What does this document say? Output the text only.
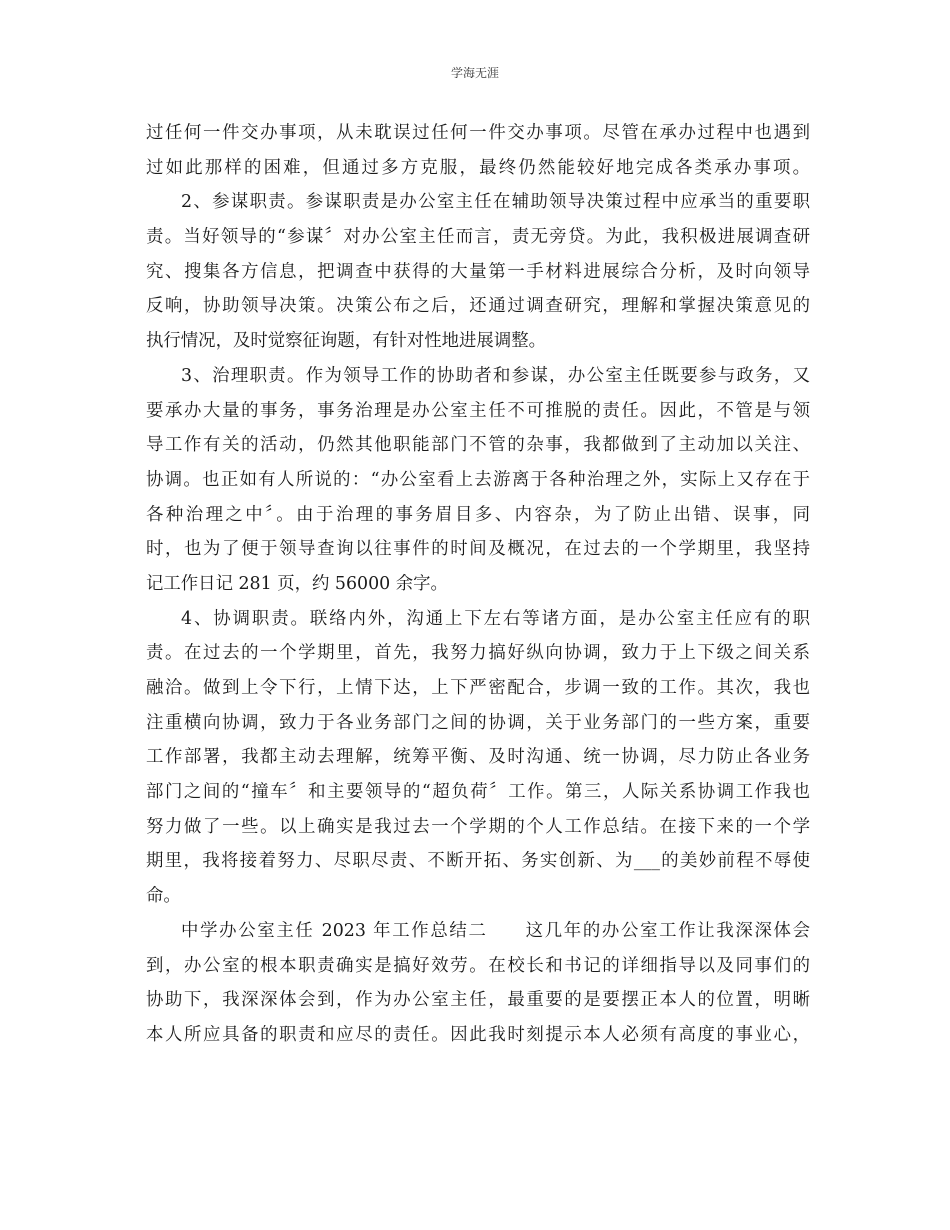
学海无涯
过任何一件交办事项，从未耽误过任何一件交办事项。尽管在承办过程中也遇到
过如此那样的困难，但通过多方克服，最终仍然能较好地完成各类承办事项。
2、参谋职责。参谋职责是办公室主任在辅助领导决策过程中应承当的重要职
责。当好领导的“参谋〞对办公室主任而言，责无旁贷。为此，我积极进展调查研
究、搜集各方信息，把调查中获得的大量第一手材料进展综合分析，及时向领导
反响，协助领导决策。决策公布之后，还通过调查研究，理解和掌握决策意见的
执行情况，及时觉察征询题，有针对性地进展调整。
3、治理职责。作为领导工作的协助者和参谋，办公室主任既要参与政务，又
要承办大量的事务，事务治理是办公室主任不可推脱的责任。因此，不管是与领
导工作有关的活动，仍然其他职能部门不管的杂事，我都做到了主动加以关注、
协调。也正如有人所说的：“办公室看上去游离于各种治理之外，实际上又存在于
各种治理之中〞。由于治理的事务眉目多、内容杂，为了防止出错、误事，同
时，也为了便于领导查询以往事件的时间及概况，在过去的一个学期里，我坚持
记工作日记 281 页，约 56000 余字。
4、协调职责。联络内外，沟通上下左右等诸方面，是办公室主任应有的职
责。在过去的一个学期里，首先，我努力搞好纵向协调，致力于上下级之间关系
融洽。做到上令下行，上情下达，上下严密配合，步调一致的工作。其次，我也
注重横向协调，致力于各业务部门之间的协调，关于业务部门的一些方案，重要
工作部署，我都主动去理解，统筹平衡、及时沟通、统一协调，尽力防止各业务
部门之间的“撞车〞和主要领导的“超负荷〞工作。第三，人际关系协调工作我也
努力做了一些。以上确实是我过去一个学期的个人工作总结。在接下来的一个学
期里，我将接着努力、尽职尽责、不断开拓、务实创新、为___的美妙前程不辱使
命。
中学办公室主任 2023 年工作总结二　　这几年的办公室工作让我深深体会
到，办公室的根本职责确实是搞好效劳。在校长和书记的详细指导以及同事们的
协助下，我深深体会到，作为办公室主任，最重要的是要摆正本人的位置，明晰
本人所应具备的职责和应尽的责任。因此我时刻提示本人必须有高度的事业心，
